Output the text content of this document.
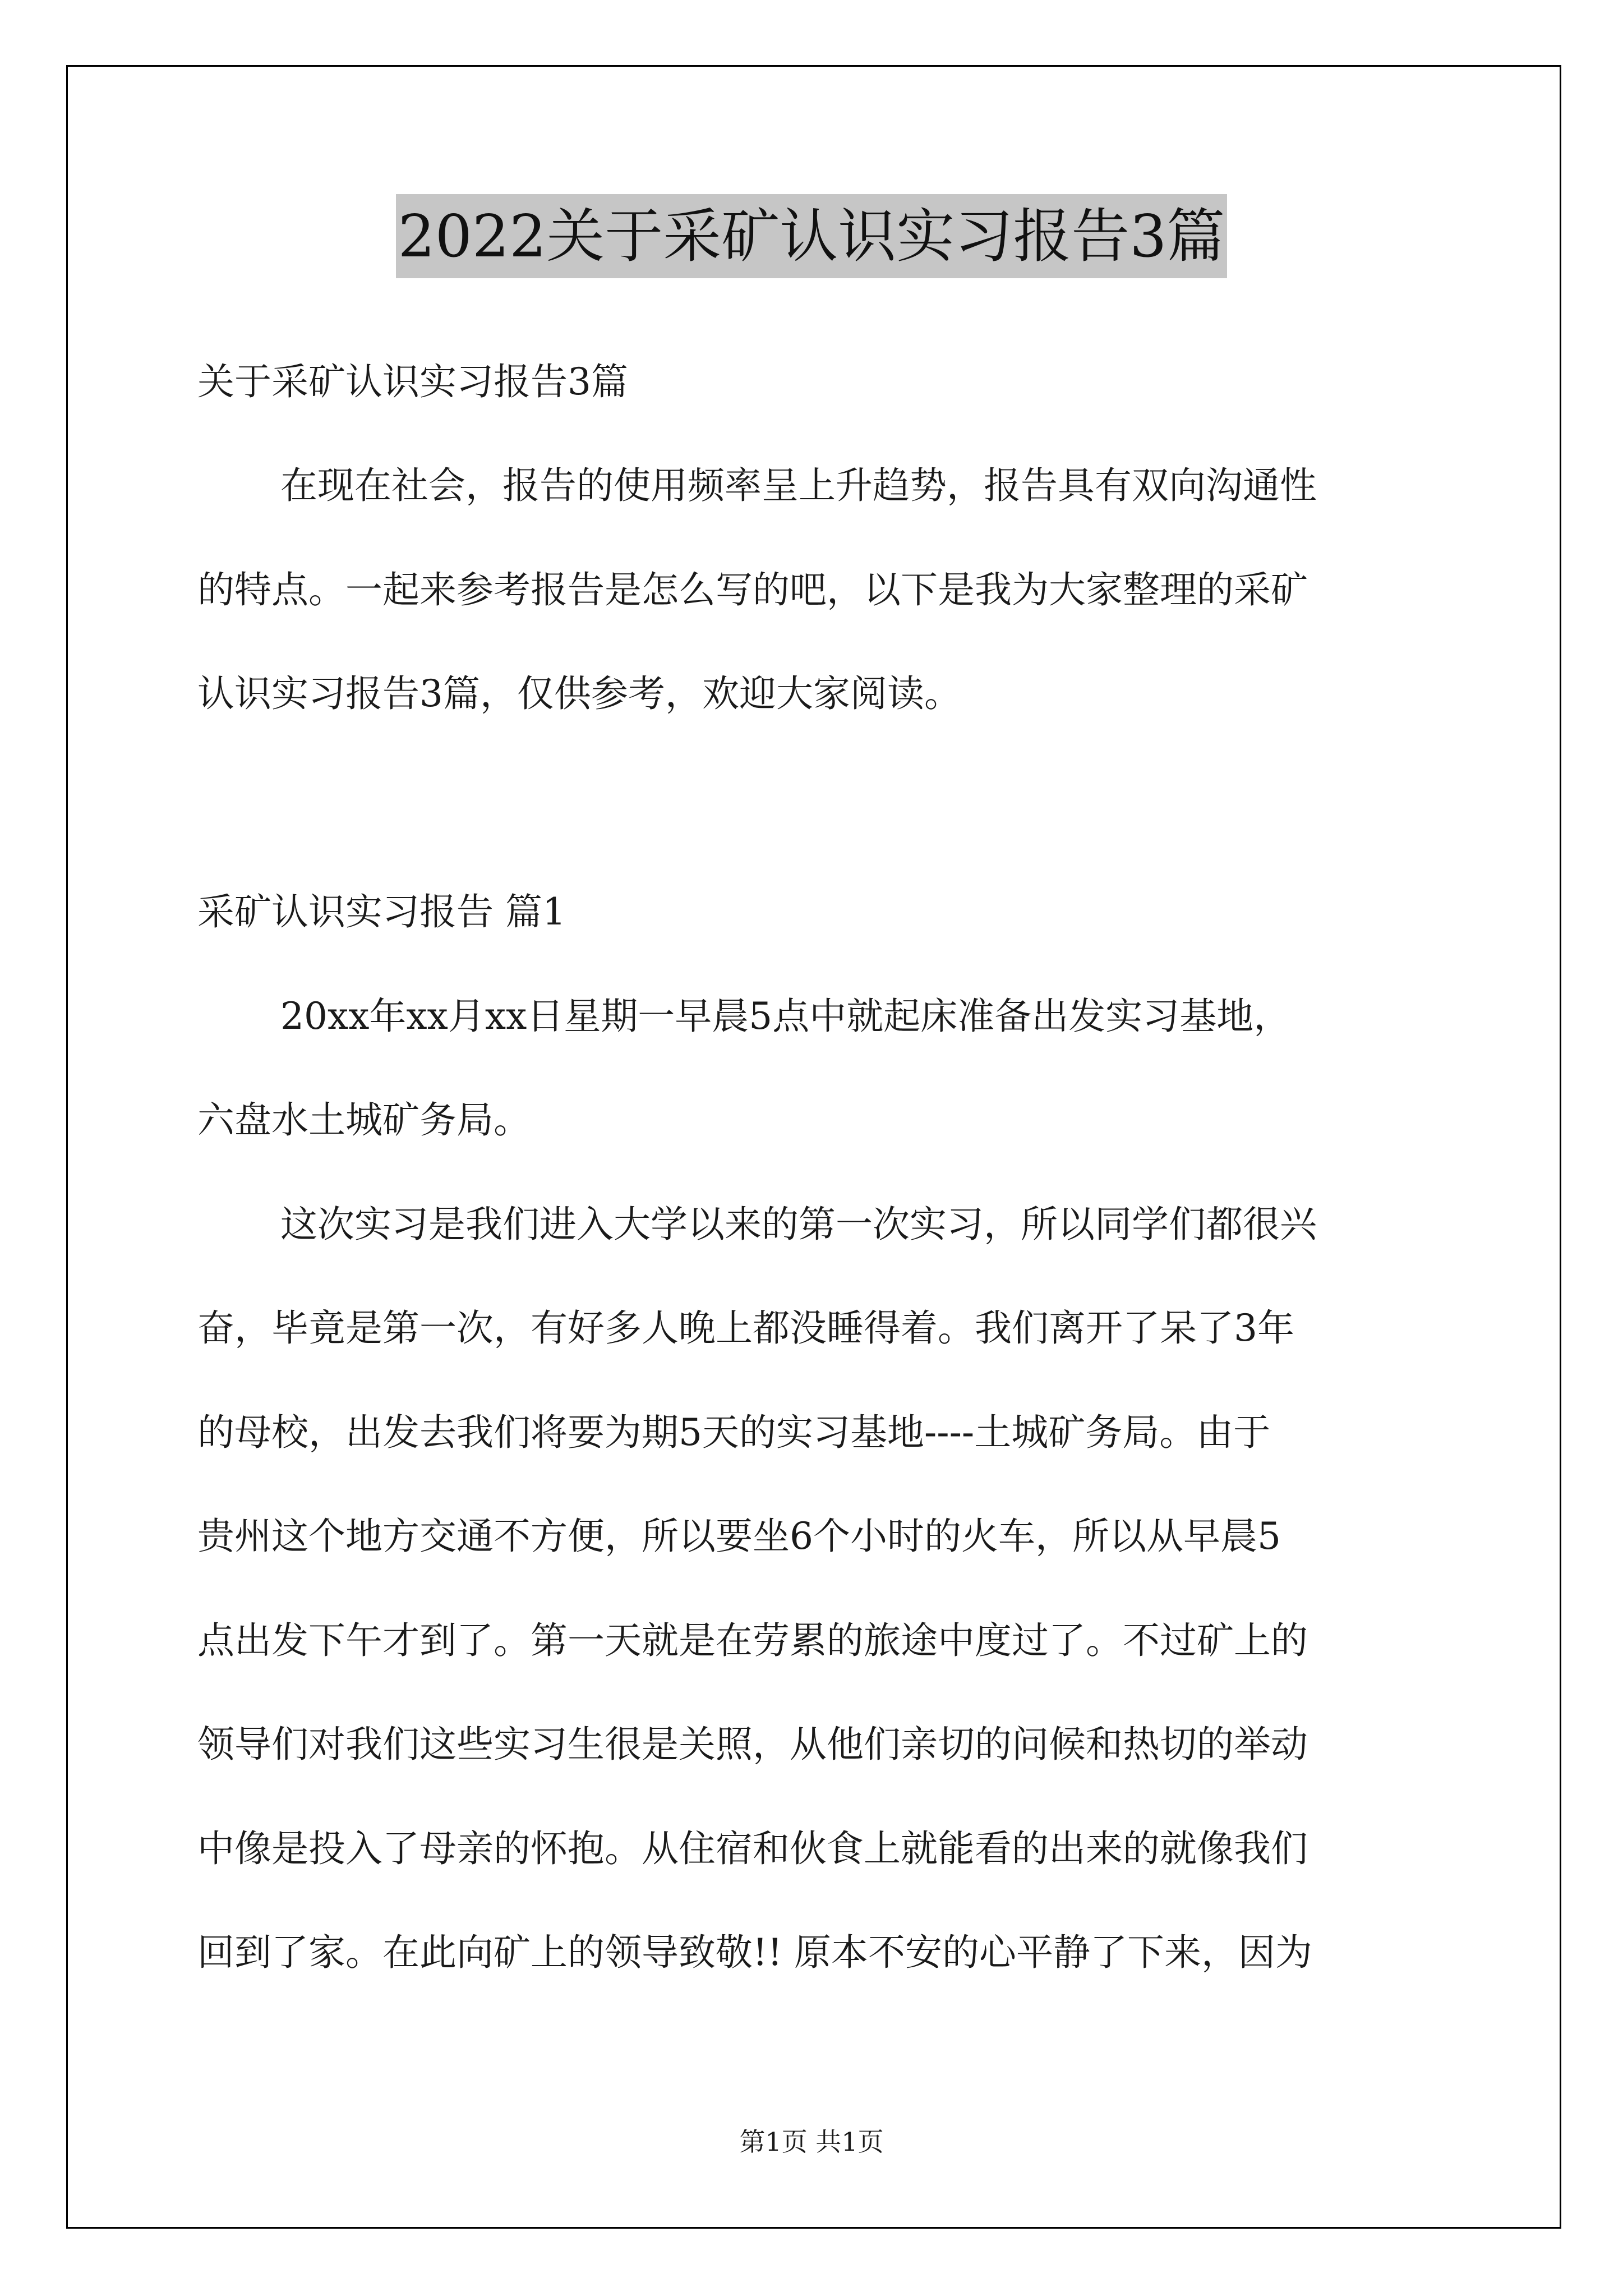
2022关于采矿认识实习报告3篇
关于采矿认识实习报告3篇
在现在社会，报告的使用频率呈上升趋势，报告具有双向沟通性
的特点。一起来参考报告是怎么写的吧，以下是我为大家整理的采矿
认识实习报告3篇，仅供参考，欢迎大家阅读。
采矿认识实习报告 篇1
20xx年xx月xx日星期一早晨5点中就起床准备出发实习基地，
六盘水土城矿务局。
这次实习是我们进入大学以来的第一次实习，所以同学们都很兴
奋，毕竟是第一次，有好多人晚上都没睡得着。我们离开了呆了3年
的母校，出发去我们将要为期5天的实习基地----土城矿务局。由于
贵州这个地方交通不方便，所以要坐6个小时的火车，所以从早晨5
点出发下午才到了。第一天就是在劳累的旅途中度过了。不过矿上的
领导们对我们这些实习生很是关照，从他们亲切的问候和热切的举动
中像是投入了母亲的怀抱。从住宿和伙食上就能看的出来的就像我们
回到了家。在此向矿上的领导致敬!! 原本不安的心平静了下来，因为
第1页 共1页
